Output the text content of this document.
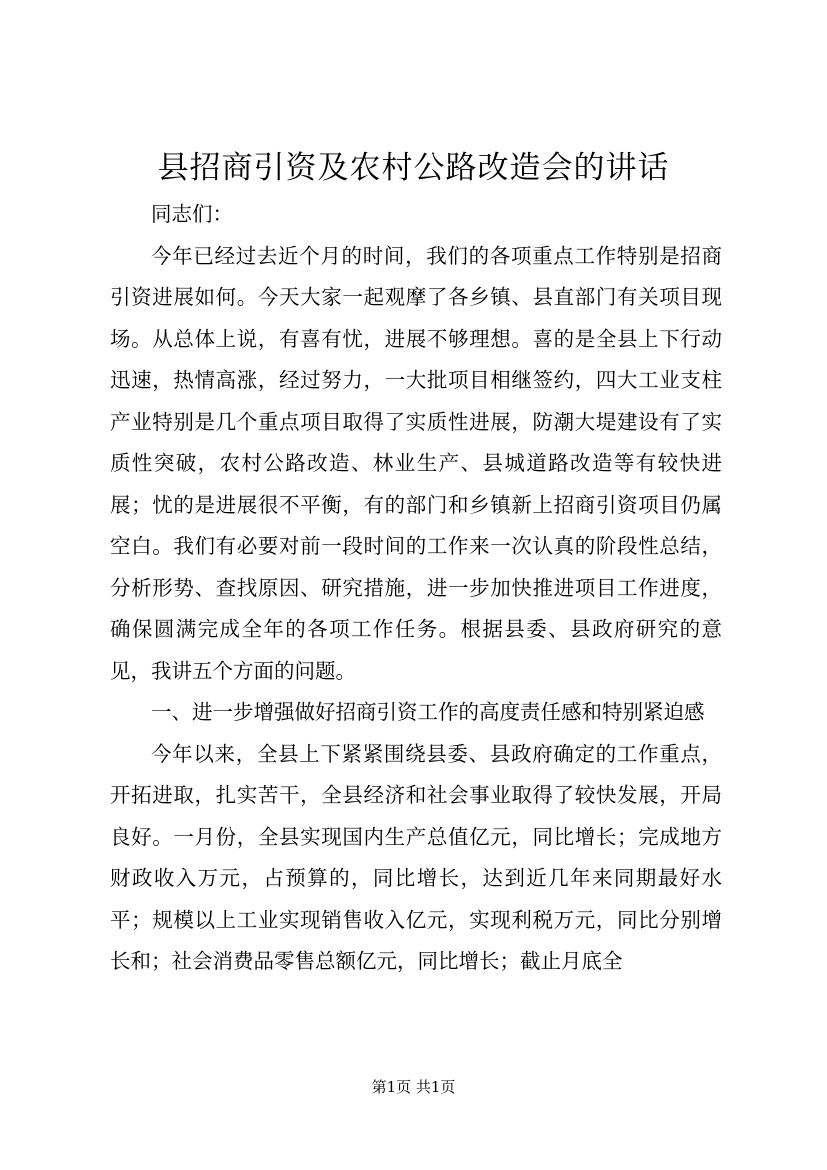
县招商引资及农村公路改造会的讲话

同志们：

今年已经过去近个月的时间，我们的各项重点工作特别是招商引资进展如何。今天大家一起观摩了各乡镇、县直部门有关项目现场。从总体上说，有喜有忧，进展不够理想。喜的是全县上下行动迅速，热情高涨，经过努力，一大批项目相继签约，四大工业支柱产业特别是几个重点项目取得了实质性进展，防潮大堤建设有了实质性突破，农村公路改造、林业生产、县城道路改造等有较快进展；忧的是进展很不平衡，有的部门和乡镇新上招商引资项目仍属空白。我们有必要对前一段时间的工作来一次认真的阶段性总结，分析形势、查找原因、研究措施，进一步加快推进项目工作进度，确保圆满完成全年的各项工作任务。根据县委、县政府研究的意见，我讲五个方面的问题。

一、进一步增强做好招商引资工作的高度责任感和特别紧迫感

今年以来，全县上下紧紧围绕县委、县政府确定的工作重点，开拓进取，扎实苦干，全县经济和社会事业取得了较快发展，开局良好。一月份，全县实现国内生产总值亿元，同比增长；完成地方财政收入万元，占预算的，同比增长，达到近几年来同期最好水平；规模以上工业实现销售收入亿元，实现利税万元，同比分别增长和；社会消费品零售总额亿元，同比增长；截止月底全

第1页 共1页
